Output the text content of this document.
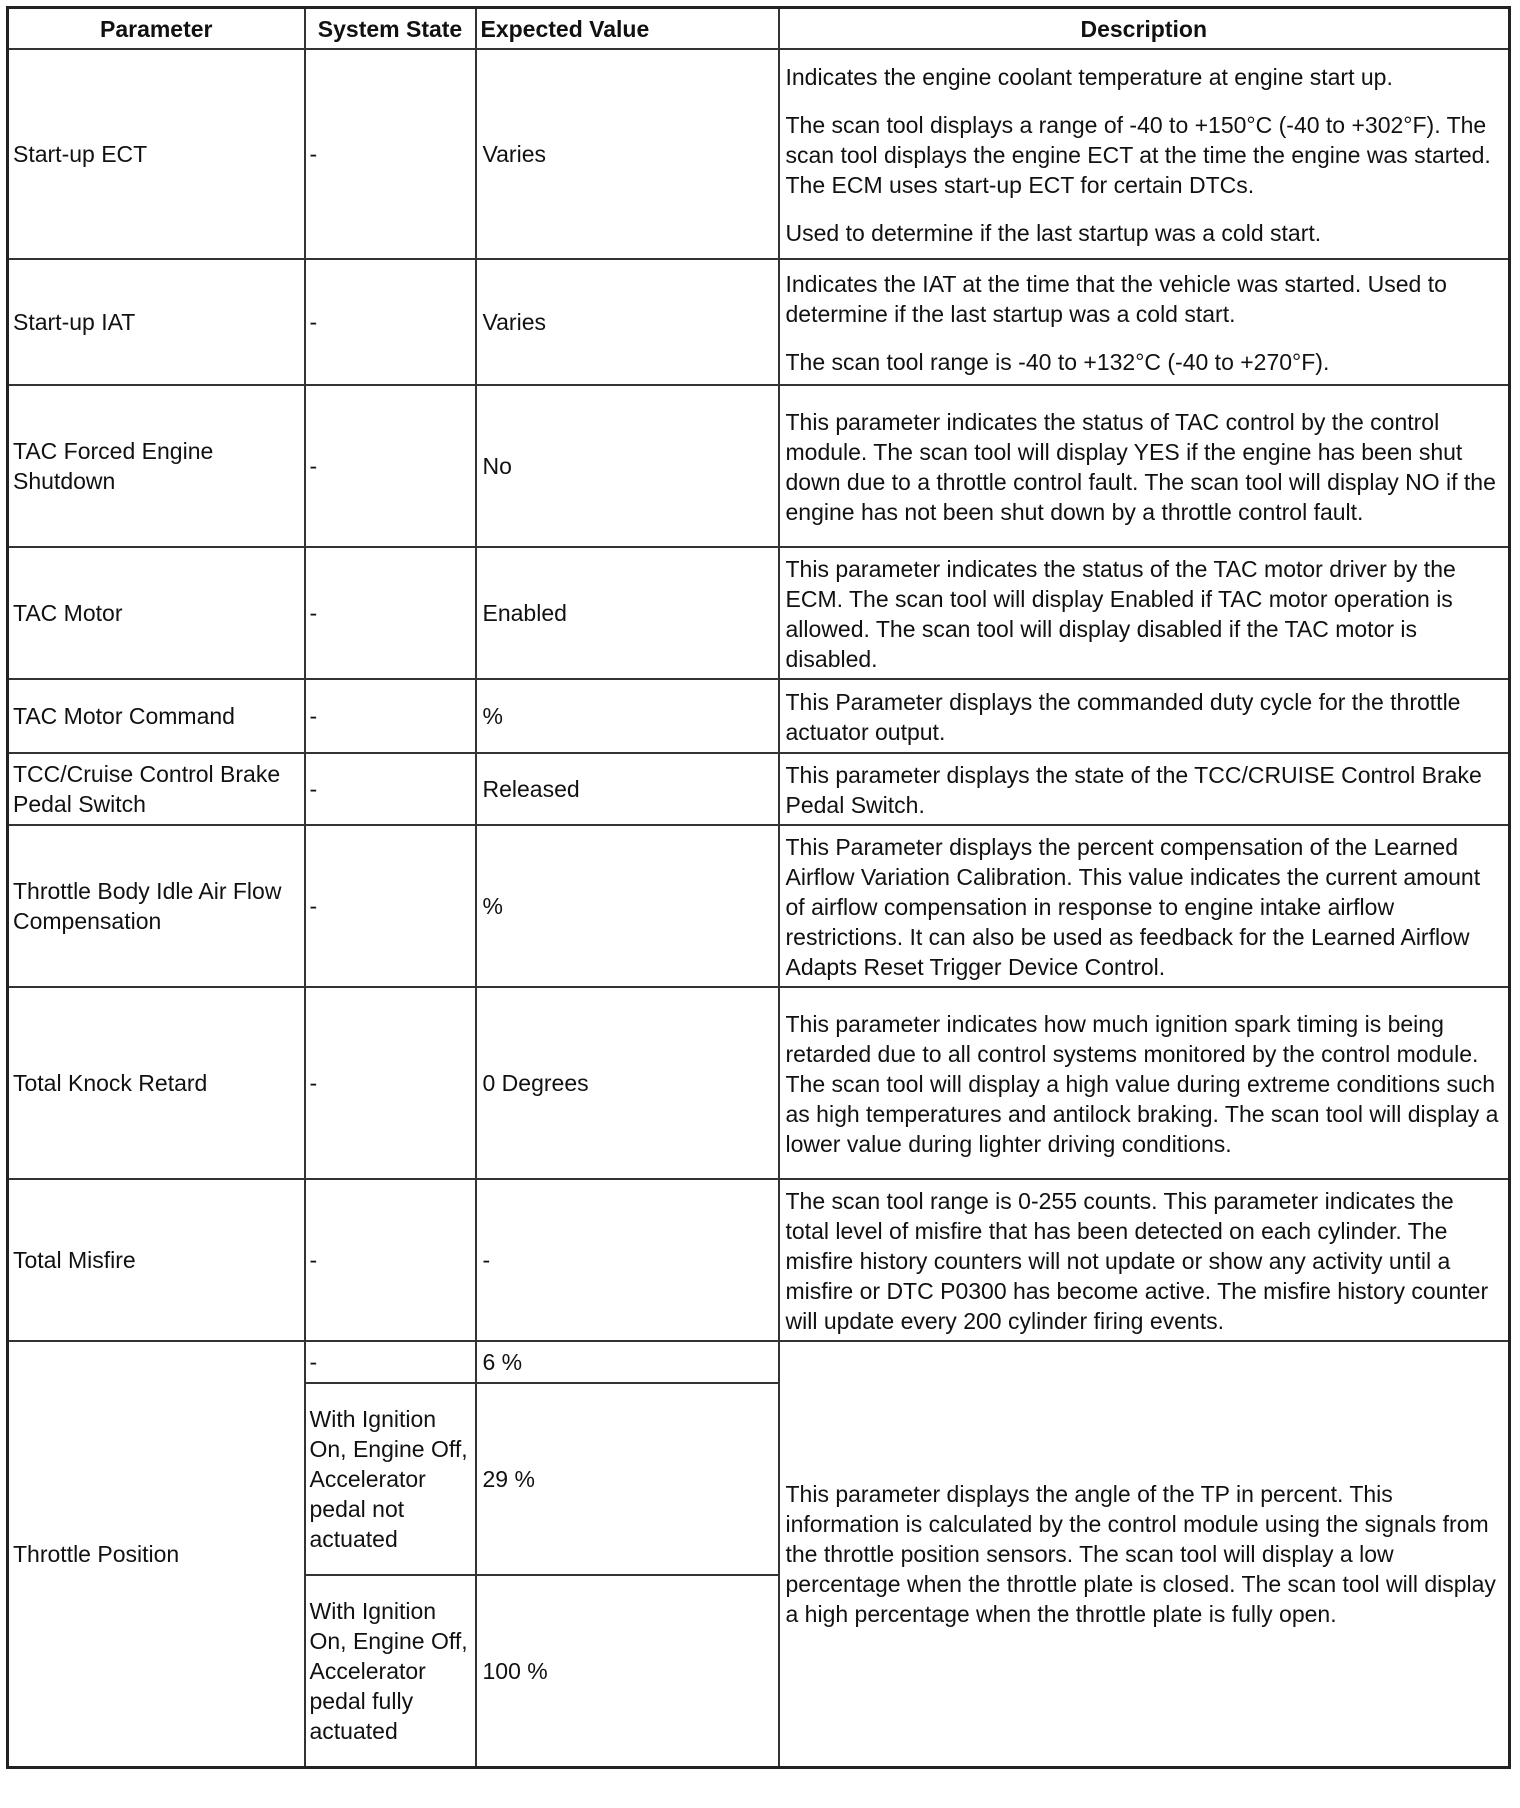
Parameter	System State	Expected Value	Description
Start-up ECT	-	Varies	Indicates the engine coolant temperature at engine start up.

The scan tool displays a range of -40 to +150°C (-40 to +302°F). The scan tool displays the engine ECT at the time the engine was started. The ECM uses start-up ECT for certain DTCs.

Used to determine if the last startup was a cold start.

Start-up IAT	-	Varies	Indicates the IAT at the time that the vehicle was started. Used to determine if the last startup was a cold start.

The scan tool range is -40 to +132°C (-40 to +270°F).

TAC Forced Engine Shutdown	-	No	This parameter indicates the status of TAC control by the control module. The scan tool will display YES if the engine has been shut down due to a throttle control fault. The scan tool will display NO if the engine has not been shut down by a throttle control fault.

TAC Motor	-	Enabled	This parameter indicates the status of the TAC motor driver by the ECM. The scan tool will display Enabled if TAC motor operation is allowed. The scan tool will display disabled if the TAC motor is disabled.

TAC Motor Command	-	%	This Parameter displays the commanded duty cycle for the throttle actuator output.

TCC/Cruise Control Brake Pedal Switch	-	Released	This parameter displays the state of the TCC/CRUISE Control Brake Pedal Switch.

Throttle Body Idle Air Flow Compensation	-	%	This Parameter displays the percent compensation of the Learned Airflow Variation Calibration. This value indicates the current amount of airflow compensation in response to engine intake airflow restrictions. It can also be used as feedback for the Learned Airflow Adapts Reset Trigger Device Control.

Total Knock Retard	-	0 Degrees	This parameter indicates how much ignition spark timing is being retarded due to all control systems monitored by the control module. The scan tool will display a high value during extreme conditions such as high temperatures and antilock braking. The scan tool will display a lower value during lighter driving conditions.

Total Misfire	-	-	The scan tool range is 0-255 counts. This parameter indicates the total level of misfire that has been detected on each cylinder. The misfire history counters will not update or show any activity until a misfire or DTC P0300 has become active. The misfire history counter will update every 200 cylinder firing events.

Throttle Position	-	6 %	This parameter displays the angle of the TP in percent. This information is calculated by the control module using the signals from the throttle position sensors. The scan tool will display a low percentage when the throttle plate is closed. The scan tool will display a high percentage when the throttle plate is fully open.
	With Ignition On, Engine Off, Accelerator pedal not actuated	29 %	
	With Ignition On, Engine Off, Accelerator pedal fully actuated	100 %	
